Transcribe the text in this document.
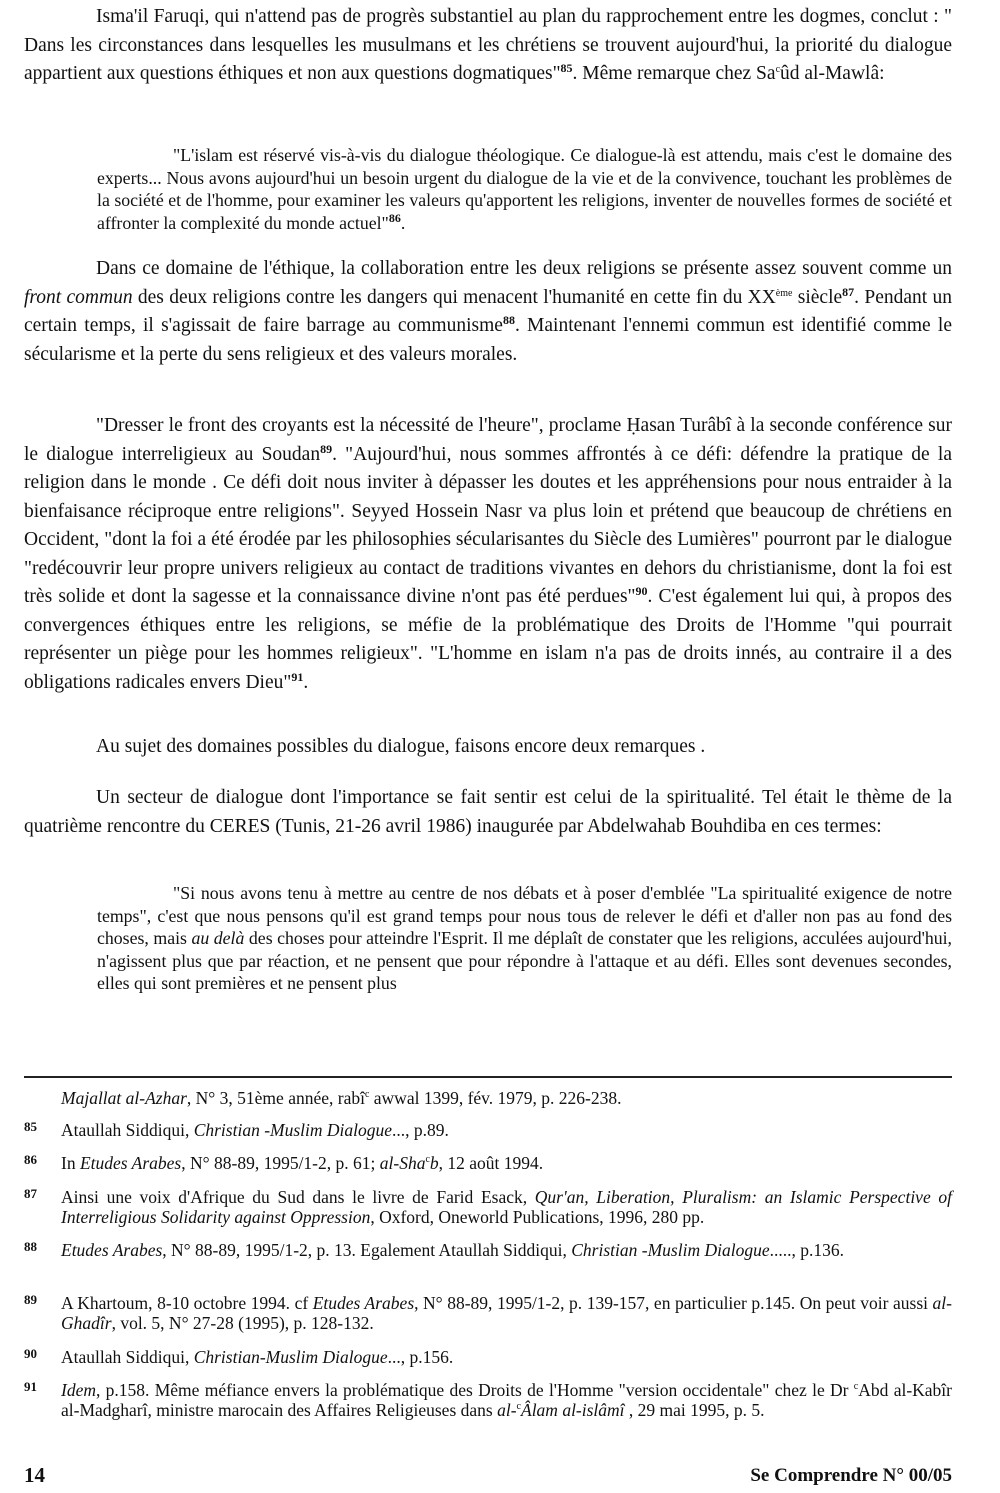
Isma'il Faruqi, qui n'attend pas de progrès substantiel au plan du rapprochement entre les dogmes, conclut : " Dans les circonstances dans lesquelles les musulmans et les chrétiens se trouvent aujourd'hui, la priorité du dialogue appartient aux questions éthiques et non aux questions dogmatiques"$^{85}$. Même remarque chez Sa$^c$ûd al-Mawlâ:

"L'islam est réservé vis-à-vis du dialogue théologique. Ce dialogue-là est attendu, mais c'est le domaine des experts... Nous avons aujourd'hui un besoin urgent du dialogue de la vie et de la convivence, touchant les problèmes de la société et de l'homme, pour examiner les valeurs qu'apportent les religions, inventer de nouvelles formes de société et affronter la complexité du monde actuel"$^{86}$.

Dans ce domaine de l'éthique, la collaboration entre les deux religions se présente assez souvent comme un front commun des deux religions contre les dangers qui menacent l'humanité en cette fin du XXème siècle$^{87}$. Pendant un certain temps, il s'agissait de faire barrage au communisme$^{88}$. Maintenant l'ennemi commun est identifié comme le sécularisme et la perte du sens religieux et des valeurs morales.

"Dresser le front des croyants est la nécessité de l'heure", proclame Ḥasan Turâbî à la seconde conférence sur le dialogue interreligieux au Soudan$^{89}$. "Aujourd'hui, nous sommes affrontés à ce défi: défendre la pratique de la religion dans le monde . Ce défi doit nous inviter à dépasser les doutes et les appréhensions pour nous entraider à la bienfaisance réciproque entre religions". Seyyed Hossein Nasr va plus loin et prétend que beaucoup de chrétiens en Occident, "dont la foi a été érodée par les philosophies sécularisantes du Siècle des Lumières" pourront par le dialogue "redécouvrir leur propre univers religieux au contact de traditions vivantes en dehors du christianisme, dont la foi est très solide et dont la sagesse et la connaissance divine n'ont pas été perdues"$^{90}$. C'est également lui qui, à propos des convergences éthiques entre les religions, se méfie de la problématique des Droits de l'Homme "qui pourrait représenter un piège pour les hommes religieux". "L'homme en islam n'a pas de droits innés, au contraire il a des obligations radicales envers Dieu"$^{91}$.

Au sujet des domaines possibles du dialogue, faisons encore deux remarques .

Un secteur de dialogue dont l'importance se fait sentir est celui de la spiritualité. Tel était le thème de la quatrième rencontre du CERES (Tunis, 21-26 avril 1986) inaugurée par Abdelwahab Bouhdiba en ces termes:

"Si nous avons tenu à mettre au centre de nos débats et à poser d'emblée "La spiritualité exigence de notre temps", c'est que nous pensons qu'il est grand temps pour nous tous de relever le défi et d'aller non pas au fond des choses, mais au delà des choses pour atteindre l'Esprit. Il me déplaît de constater que les religions, acculées aujourd'hui, n'agissent plus que par réaction, et ne pensent que pour répondre à l'attaque et au défi. Elles sont devenues secondes, elles qui sont premières et ne pensent plus

Majallat al-Azhar, N° 3, 51ème année, rabî$^c$ awwal 1399, fév. 1979, p. 226-238.

85 Ataullah Siddiqui, Christian -Muslim Dialogue..., p.89.

86 In Etudes Arabes, N° 88-89, 1995/1-2, p. 61; al-Sha$^c$b, 12 août 1994.

87 Ainsi une voix d'Afrique du Sud dans le livre de Farid Esack, Qur'an, Liberation, Pluralism: an Islamic Perspective of Interreligious Solidarity against Oppression, Oxford, Oneworld Publications, 1996, 280 pp.

88 Etudes Arabes, N° 88-89, 1995/1-2, p. 13. Egalement Ataullah Siddiqui, Christian -Muslim Dialogue....., p.136.

89 A Khartoum, 8-10 octobre 1994. cf Etudes Arabes, N° 88-89, 1995/1-2, p. 139-157, en particulier p.145. On peut voir aussi al-Ghadîr, vol. 5, N° 27-28 (1995), p. 128-132.

90 Ataullah Siddiqui, Christian-Muslim Dialogue..., p.156.

91 Idem, p.158. Même méfiance envers la problématique des Droits de l'Homme "version occidentale" chez le Dr $^c$Abd al-Kabîr al-Madgharî, ministre marocain des Affaires Religieuses dans al-$^c$Âlam al-islâmî , 29 mai 1995, p. 5.

14	Se Comprendre N° 00/05
